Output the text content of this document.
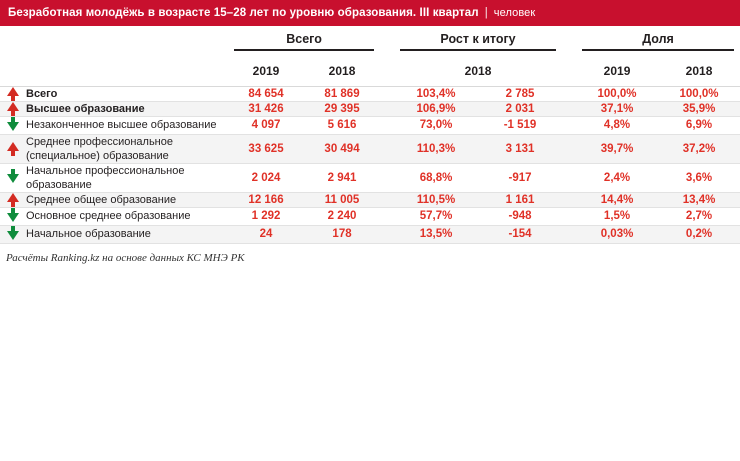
Безработная молодёжь в возрасте 15–28 лет по уровню образования. III квартал | человек

		Всего			Рост к итогу			Доля	

		2019	2018		2018			2019	2018

	Всего	84 654	81 869		103,4%	2 785		100,0%	100,0%

	Высшее образование	31 426	29 395		106,9%	2 031		37,1%	35,9%

	Незаконченное высшее образование	4 097	5 616		73,0%	-1 519		4,8%	6,9%

	Среднее профессиональное (специальное) образование	33 625	30 494		110,3%	3 131		39,7%	37,2%

	Начальное профессиональное образование	2 024	2 941		68,8%	-917		2,4%	3,6%

	Среднее общее образование	12 166	11 005		110,5%	1 161		14,4%	13,4%

	Основное среднее образование	1 292	2 240		57,7%	-948		1,5%	2,7%

	Начальное образование	24	178		13,5%	-154		0,03%	0,2%
Расчёты Ranking.kz на основе данных КС МНЭ РК
